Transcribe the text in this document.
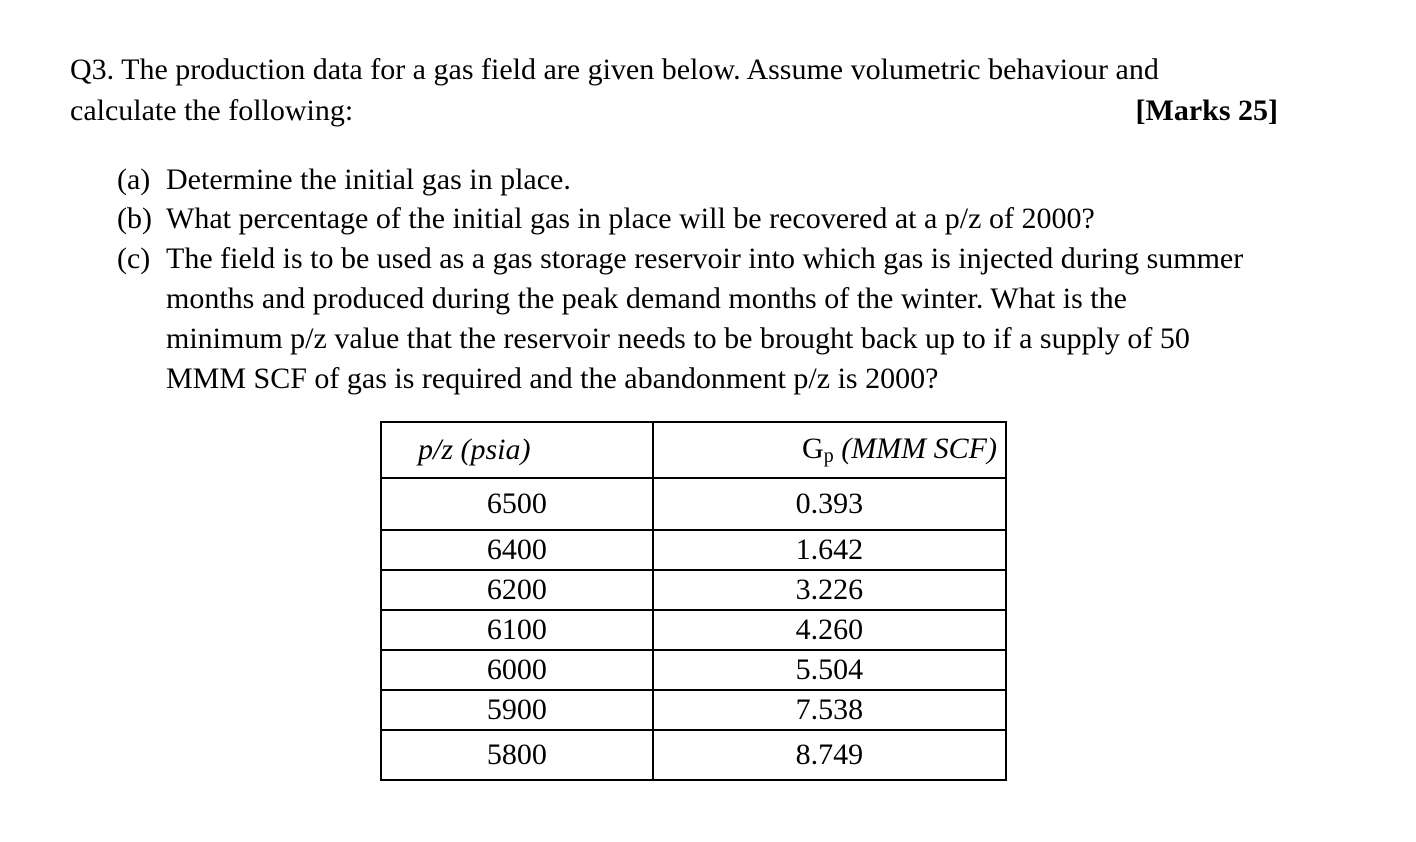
Q3. The production data for a gas field are given below. Assume volumetric behaviour and
calculate the following:	[Marks 25]
(a) Determine the initial gas in place.
(b) What percentage of the initial gas in place will be recovered at a p/z of 2000?
(c) The field is to be used as a gas storage reservoir into which gas is injected during summer
months and produced during the peak demand months of the winter. What is the
minimum p/z value that the reservoir needs to be brought back up to if a supply of 50
MMM SCF of gas is required and the abandonment p/z is 2000?
p/z (psia)	Gp (MMM SCF)
6500	0.393
6400	1.642
6200	3.226
6100	4.260
6000	5.504
5900	7.538
5800	8.749
